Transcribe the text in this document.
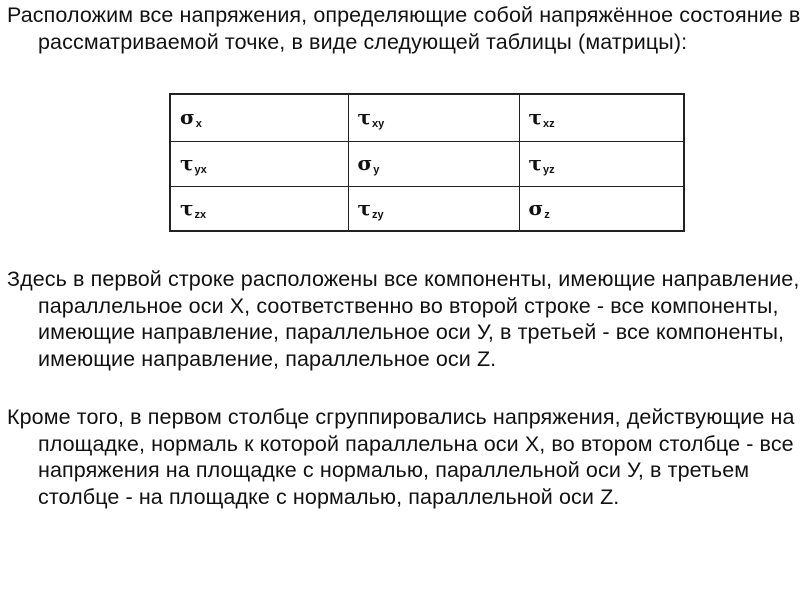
Расположим все напряжения, определяющие собой напряжённое состояние в рассматриваемой точке, в виде следующей таблицы (матрицы):

σx	τxy	τxz
τyx	σy	τyz
τzx	τzy	σz

Здесь в первой строке расположены все компоненты, имеющие направление, параллельное оси Х, соответственно во второй строке - все компоненты, имеющие направление, параллельное оси У, в третьей - все компоненты, имеющие направление, параллельное оси Z.

Кроме того, в первом столбце сгруппировались напряжения, действующие на площадке, нормаль к которой параллельна оси Х, во втором столбце - все напряжения на площадке с нормалью, параллельной оси У, в третьем столбце - на площадке с нормалью, параллельной оси Z.
